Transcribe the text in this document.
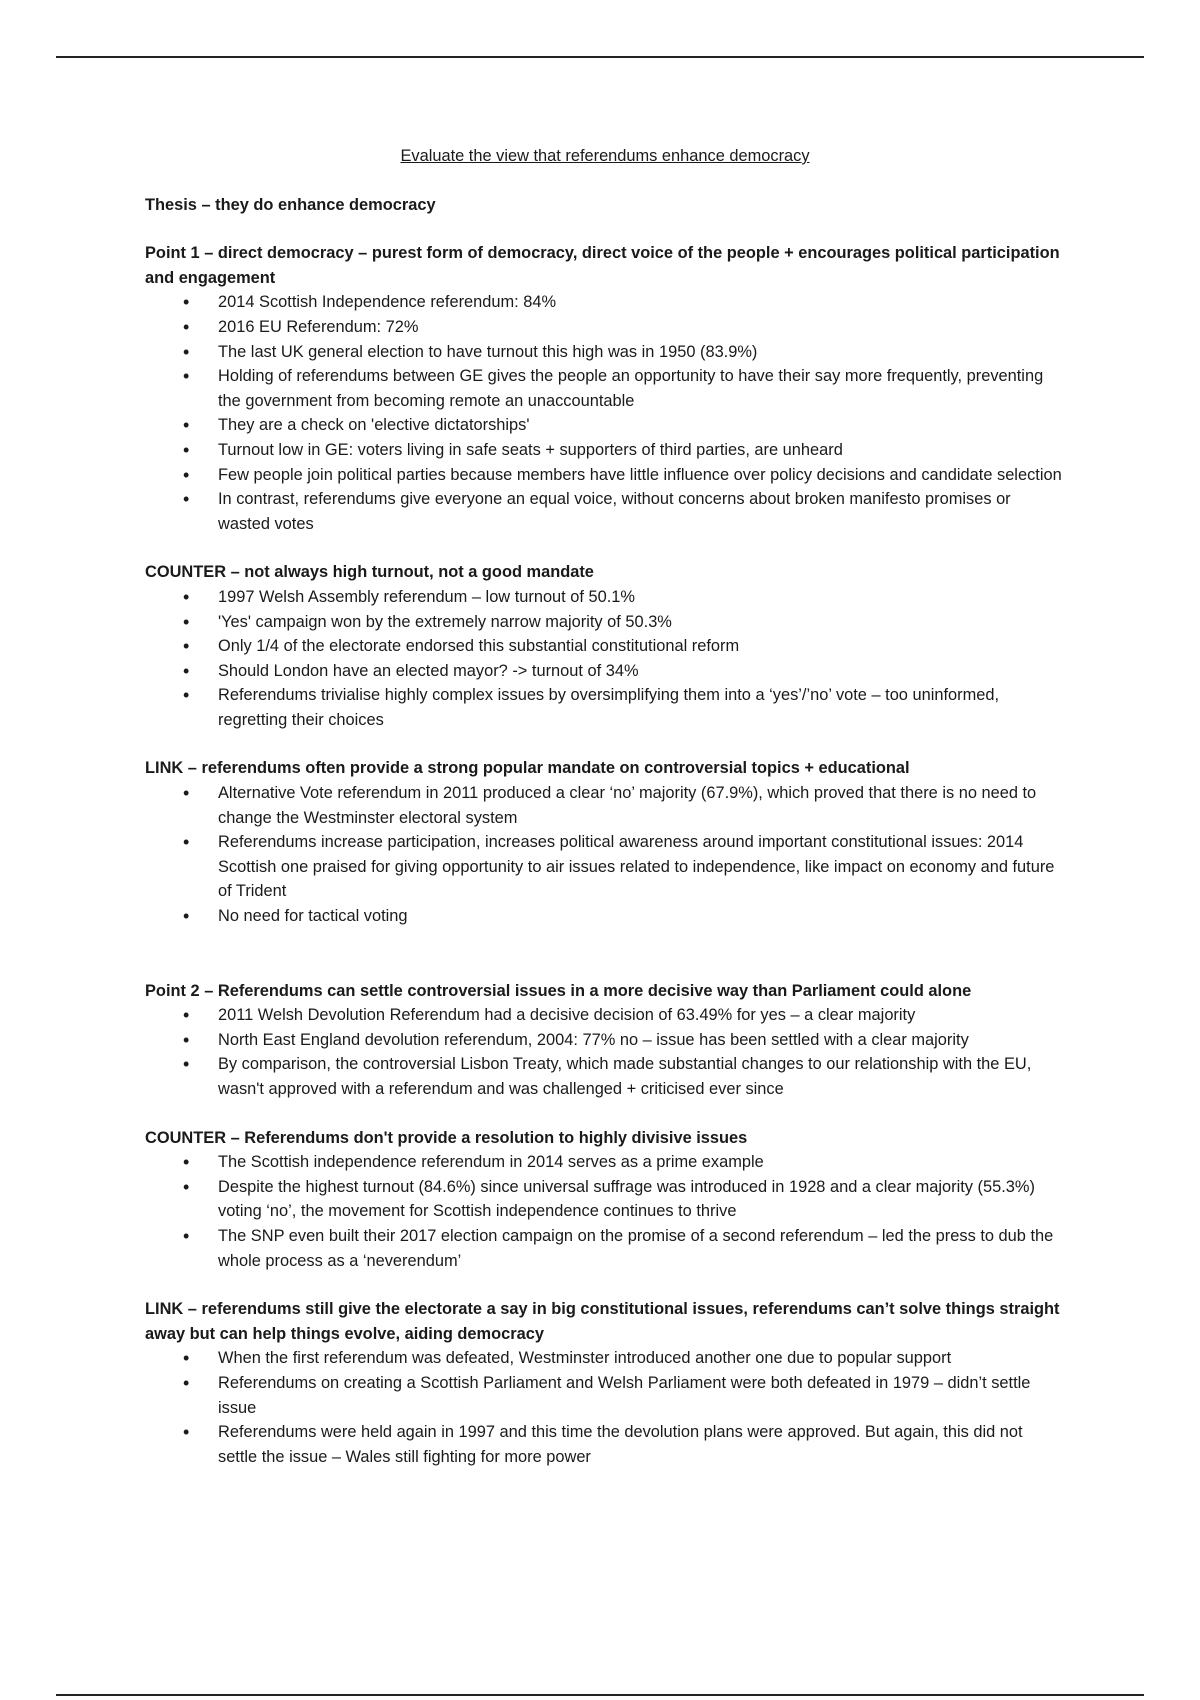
Evaluate the view that referendums enhance democracy

Thesis – they do enhance democracy

Point 1 – direct democracy – purest form of democracy, direct voice of the people + encourages political participation and engagement

• 2014 Scottish Independence referendum: 84%
• 2016 EU Referendum: 72%
• The last UK general election to have turnout this high was in 1950 (83.9%)
• Holding of referendums between GE gives the people an opportunity to have their say more frequently, preventing the government from becoming remote an unaccountable
• They are a check on 'elective dictatorships'
• Turnout low in GE: voters living in safe seats + supporters of third parties, are unheard
• Few people join political parties because members have little influence over policy decisions and candidate selection
• In contrast, referendums give everyone an equal voice, without concerns about broken manifesto promises or wasted votes

COUNTER – not always high turnout, not a good mandate

• 1997 Welsh Assembly referendum – low turnout of 50.1%
• 'Yes' campaign won by the extremely narrow majority of 50.3%
• Only 1/4 of the electorate endorsed this substantial constitutional reform
• Should London have an elected mayor? -> turnout of 34%
• Referendums trivialise highly complex issues by oversimplifying them into a ‘yes’/’no’ vote – too uninformed, regretting their choices

LINK – referendums often provide a strong popular mandate on controversial topics + educational

• Alternative Vote referendum in 2011 produced a clear ‘no’ majority (67.9%), which proved that there is no need to change the Westminster electoral system
• Referendums increase participation, increases political awareness around important constitutional issues: 2014 Scottish one praised for giving opportunity to air issues related to independence, like impact on economy and future of Trident
• No need for tactical voting

Point 2 – Referendums can settle controversial issues in a more decisive way than Parliament could alone

• 2011 Welsh Devolution Referendum had a decisive decision of 63.49% for yes – a clear majority
• North East England devolution referendum, 2004: 77% no – issue has been settled with a clear majority
• By comparison, the controversial Lisbon Treaty, which made substantial changes to our relationship with the EU, wasn't approved with a referendum and was challenged + criticised ever since

COUNTER – Referendums don't provide a resolution to highly divisive issues

• The Scottish independence referendum in 2014 serves as a prime example
• Despite the highest turnout (84.6%) since universal suffrage was introduced in 1928 and a clear majority (55.3%) voting ‘no’, the movement for Scottish independence continues to thrive
• The SNP even built their 2017 election campaign on the promise of a second referendum – led the press to dub the whole process as a ‘neverendum’

LINK – referendums still give the electorate a say in big constitutional issues, referendums can’t solve things straight away but can help things evolve, aiding democracy

• When the first referendum was defeated, Westminster introduced another one due to popular support
• Referendums on creating a Scottish Parliament and Welsh Parliament were both defeated in 1979 – didn’t settle issue
• Referendums were held again in 1997 and this time the devolution plans were approved. But again, this did not settle the issue – Wales still fighting for more power
